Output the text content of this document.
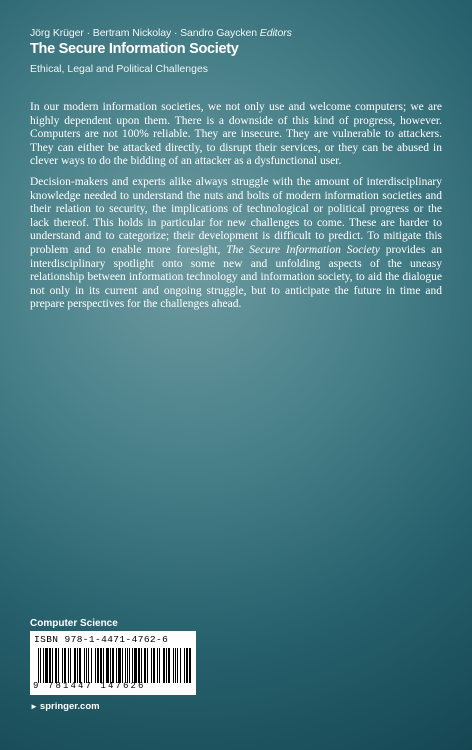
Jörg Krüger · Bertram Nickolay · Sandro Gaycken Editors
The Secure Information Society
Ethical, Legal and Political Challenges

In our modern information societies, we not only use and welcome computers; we are highly dependent upon them. There is a downside of this kind of progress, however. Computers are not 100% reliable. They are insecure. They are vulnerable to attackers. They can either be attacked directly, to disrupt their services, or they can be abused in clever ways to do the bidding of an attacker as a dysfunctional user.

Decision-makers and experts alike always struggle with the amount of interdisciplinary knowledge needed to understand the nuts and bolts of modern information societies and their relation to security, the implications of technological or political progress or the lack thereof. This holds in particular for new challenges to come. These are harder to understand and to categorize; their development is difficult to predict. To mitigate this problem and to enable more foresight, The Secure Information Society provides an interdisciplinary spotlight onto some new and unfolding aspects of the uneasy relationship between information technology and information society, to aid the dialogue not only in its current and ongoing struggle, but to anticipate the future in time and prepare perspectives for the challenges ahead.

Computer Science
ISBN 978-1-4471-4762-6
9 781447 147626
► springer.com
